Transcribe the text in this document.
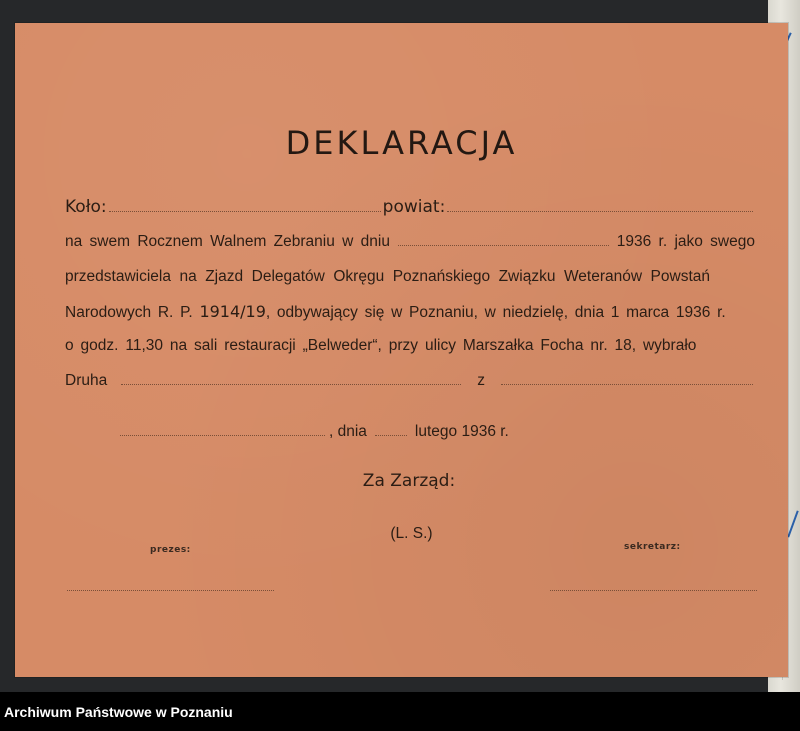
DEKLARACJA
Koło:	powiat:
na swem Rocznem Walnem Zebraniu w dniu	1936 r. jako swego
przedstawiciela na Zjazd Delegatów Okręgu Poznańskiego Związku Weteranów Powstań
Narodowych R. P. 1914/19, odbywający się w Poznaniu, w niedzielę, dnia 1 marca 1936 r.
o godz. 11,30 na sali restauracji „Belweder“, przy ulicy Marszałka Focha nr. 18, wybrało
Druha	z
, dnia	lutego 1936 r.
Za Zarząd:
(L. S.)
prezes:	sekretarz:
Archiwum Państwowe w Poznaniu
